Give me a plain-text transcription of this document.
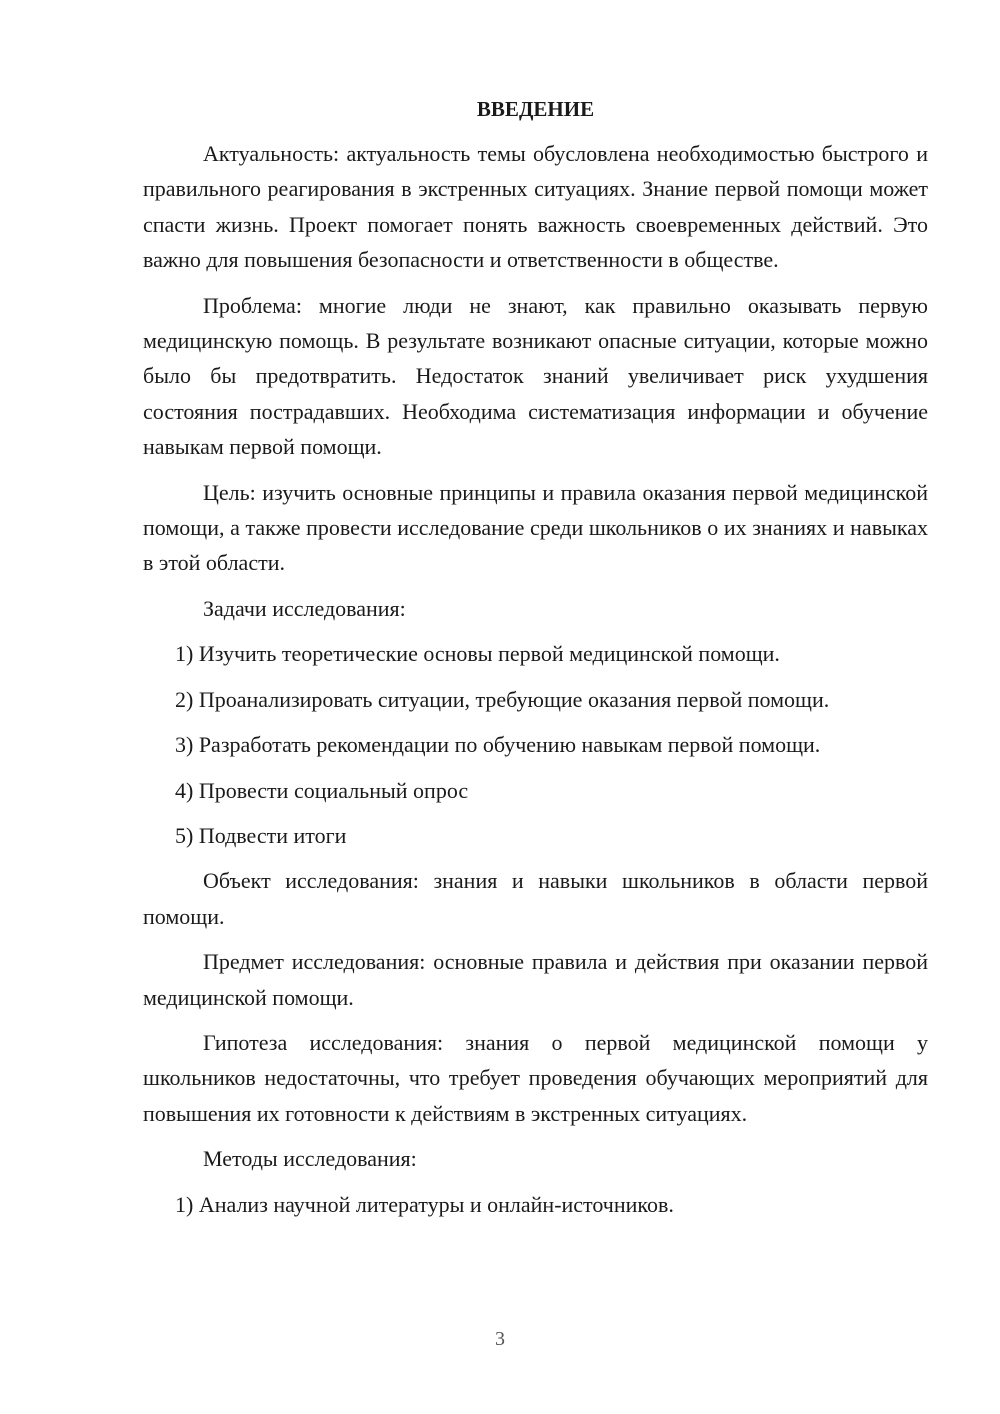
ВВЕДЕНИЕ

Актуальность: актуальность темы обусловлена необходимостью быстрого и правильного реагирования в экстренных ситуациях. Знание первой помощи может спасти жизнь. Проект помогает понять важность своевременных действий. Это важно для повышения безопасности и ответственности в обществе.

Проблема: многие люди не знают, как правильно оказывать первую медицинскую помощь. В результате возникают опасные ситуации, которые можно было бы предотвратить. Недостаток знаний увеличивает риск ухудшения состояния пострадавших. Необходима систематизация информации и обучение навыкам первой помощи.

Цель: изучить основные принципы и правила оказания первой медицинской помощи, а также провести исследование среди школьников о их знаниях и навыках в этой области.

Задачи исследования:

1) Изучить теоретические основы первой медицинской помощи.

2) Проанализировать ситуации, требующие оказания первой помощи.

3) Разработать рекомендации по обучению навыкам первой помощи.

4) Провести социальный опрос

5) Подвести итоги

Объект исследования: знания и навыки школьников в области первой помощи.

Предмет исследования: основные правила и действия при оказании первой медицинской помощи.

Гипотеза исследования: знания о первой медицинской помощи у школьников недостаточны, что требует проведения обучающих мероприятий для повышения их готовности к действиям в экстренных ситуациях.

Методы исследования:

1) Анализ научной литературы и онлайн-источников.

3
